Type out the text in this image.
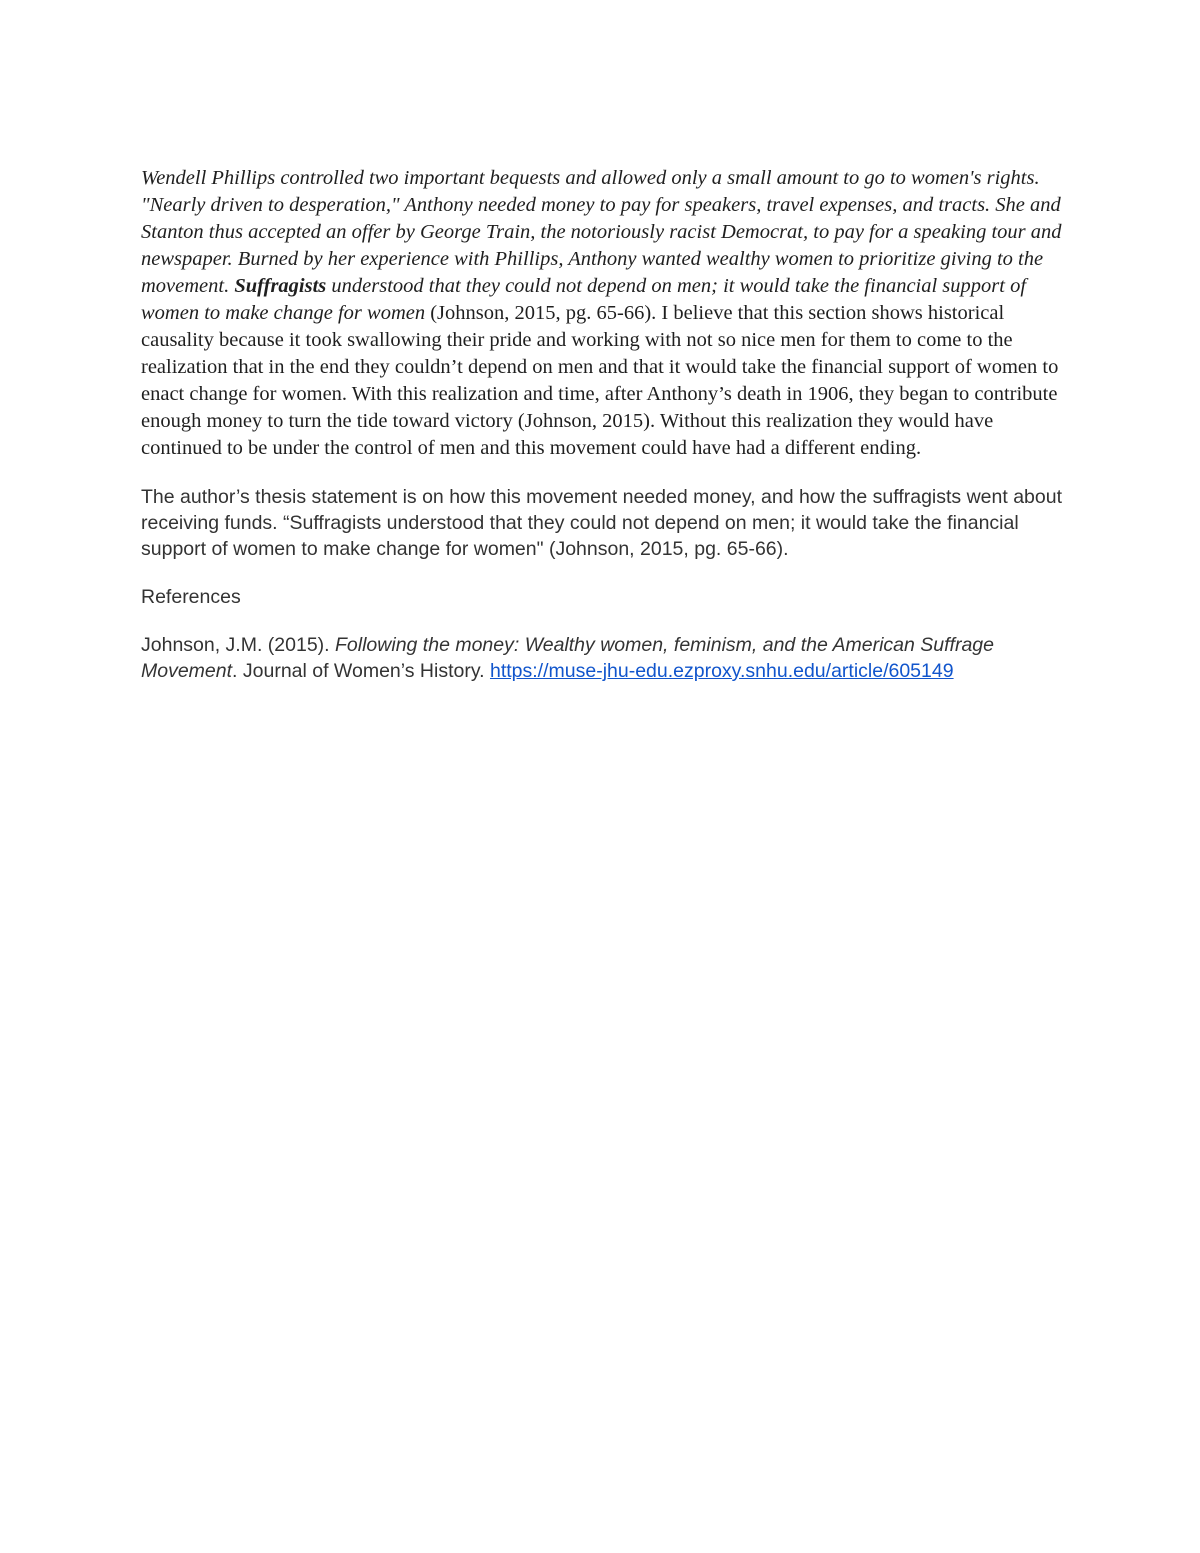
Wendell Phillips controlled two important bequests and allowed only a small amount to go to women's rights. "Nearly driven to desperation," Anthony needed money to pay for speakers, travel expenses, and tracts. She and Stanton thus accepted an offer by George Train, the notoriously racist Democrat, to pay for a speaking tour and newspaper. Burned by her experience with Phillips, Anthony wanted wealthy women to prioritize giving to the movement. Suffragists understood that they could not depend on men; it would take the financial support of women to make change for women (Johnson, 2015, pg. 65-66). I believe that this section shows historical causality because it took swallowing their pride and working with not so nice men for them to come to the realization that in the end they couldn’t depend on men and that it would take the financial support of women to enact change for women. With this realization and time, after Anthony’s death in 1906, they began to contribute enough money to turn the tide toward victory (Johnson, 2015). Without this realization they would have continued to be under the control of men and this movement could have had a different ending.

The author’s thesis statement is on how this movement needed money, and how the suffragists went about receiving funds. “Suffragists understood that they could not depend on men; it would take the financial support of women to make change for women" (Johnson, 2015, pg. 65-66).

References

Johnson, J.M. (2015). Following the money: Wealthy women, feminism, and the American Suffrage Movement. Journal of Women’s History. https://muse-jhu-edu.ezproxy.snhu.edu/article/605149
